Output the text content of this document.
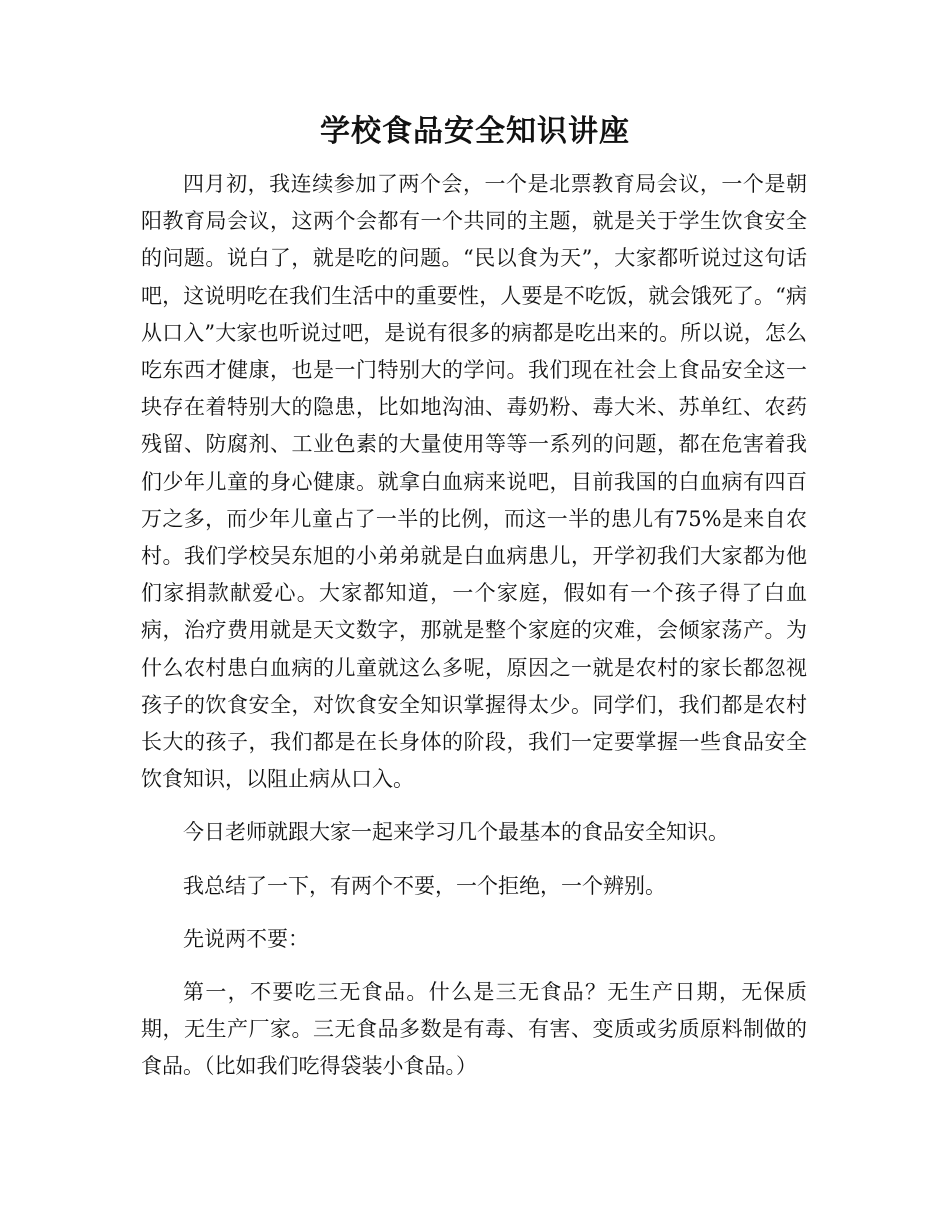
学校食品安全知识讲座

四月初，我连续参加了两个会，一个是北票教育局会议，一个是朝阳教育局会议，这两个会都有一个共同的主题，就是关于学生饮食安全的问题。说白了，就是吃的问题。“民以食为天”，大家都听说过这句话吧，这说明吃在我们生活中的重要性，人要是不吃饭，就会饿死了。“病从口入”大家也听说过吧，是说有很多的病都是吃出来的。所以说，怎么吃东西才健康，也是一门特别大的学问。我们现在社会上食品安全这一块存在着特别大的隐患，比如地沟油、毒奶粉、毒大米、苏单红、农药残留、防腐剂、工业色素的大量使用等等一系列的问题，都在危害着我们少年儿童的身心健康。就拿白血病来说吧，目前我国的白血病有四百万之多，而少年儿童占了一半的比例，而这一半的患儿有75%是来自农村。我们学校吴东旭的小弟弟就是白血病患儿，开学初我们大家都为他们家捐款献爱心。大家都知道，一个家庭，假如有一个孩子得了白血病，治疗费用就是天文数字，那就是整个家庭的灾难，会倾家荡产。为什么农村患白血病的儿童就这么多呢，原因之一就是农村的家长都忽视孩子的饮食安全，对饮食安全知识掌握得太少。同学们，我们都是农村长大的孩子，我们都是在长身体的阶段，我们一定要掌握一些食品安全饮食知识，以阻止病从口入。

今日老师就跟大家一起来学习几个最基本的食品安全知识。

我总结了一下，有两个不要，一个拒绝，一个辨别。

先说两不要：

第一，不要吃三无食品。什么是三无食品？无生产日期，无保质期，无生产厂家。三无食品多数是有毒、有害、变质或劣质原料制做的食品。（比如我们吃得袋装小食品。）
